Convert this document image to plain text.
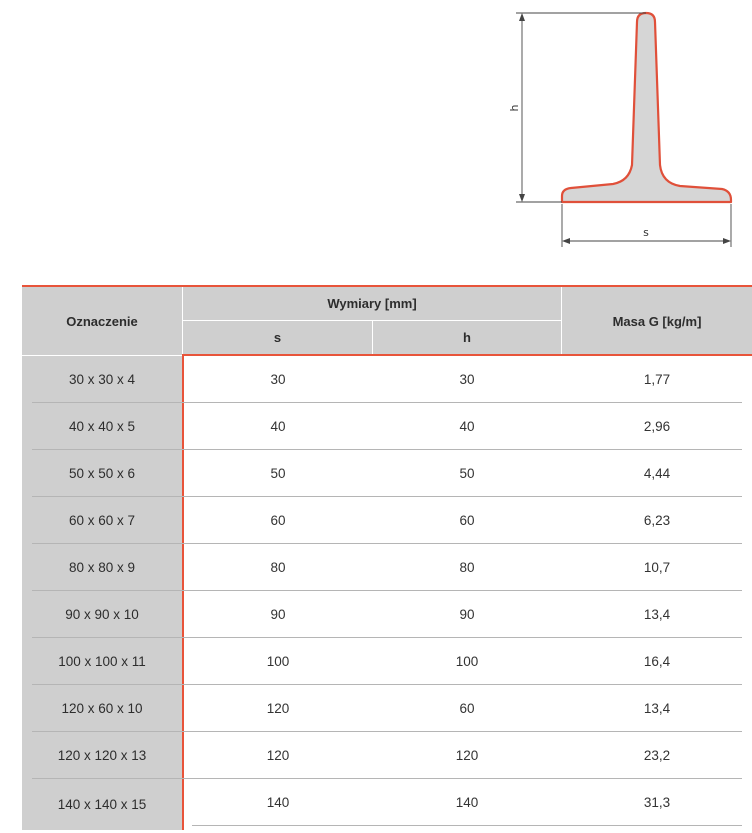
h
s
Oznaczenie
Wymiary [mm]
s	h
Masa G [kg/m]
30 x 30 x 4	30	30	1,77
40 x 40 x 5	40	40	2,96
50 x 50 x 6	50	50	4,44
60 x 60 x 7	60	60	6,23
80 x 80 x 9	80	80	10,7
90 x 90 x 10	90	90	13,4
100 x 100 x 11	100	100	16,4
120 x 60 x 10	120	60	13,4
120 x 120 x 13	120	120	23,2
140 x 140 x 15	140	140	31,3
